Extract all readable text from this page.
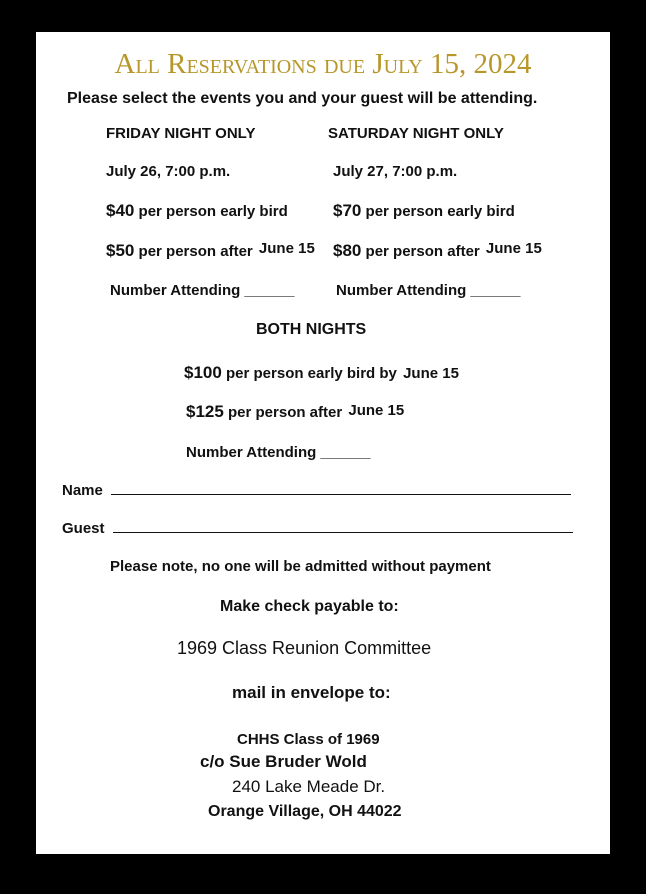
All Reservations due July 15, 2024
Please select the events you and your guest will be attending.
FRIDAY NIGHT ONLY
July 26, 7:00 p.m.
$40 per person early bird
$50 per person after June 15
Number Attending ______
SATURDAY NIGHT ONLY
July 27, 7:00 p.m.
$70 per person early bird
$80 per person after June 15
Number Attending ______
BOTH NIGHTS
$100 per person early bird by June 15
$125 per person after June 15
Number Attending ______
Name
Guest
Please note, no one will be admitted without payment
Make check payable to:
1969 Class Reunion Committee
mail in envelope to:
CHHS Class of 1969
c/o Sue Bruder Wold
240 Lake Meade Dr.
Orange Village, OH 44022
